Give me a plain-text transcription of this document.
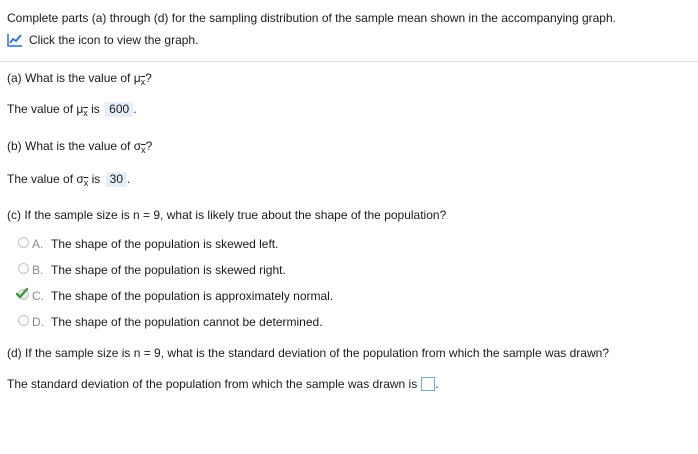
Complete parts (a) through (d) for the sampling distribution of the sample mean shown in the accompanying graph.
Click the icon to view the graph.
(a) What is the value of $\mu_{\overline{x}}$?
The value of $\mu_{\overline{x}}$ is 600 .
(b) What is the value of $\sigma_{\overline{x}}$?
The value of $\sigma_{\overline{x}}$ is 30 .
(c) If the sample size is n = 9, what is likely true about the shape of the population?
A. The shape of the population is skewed left.
B. The shape of the population is skewed right.
C. The shape of the population is approximately normal.
D. The shape of the population cannot be determined.
(d) If the sample size is n = 9, what is the standard deviation of the population from which the sample was drawn?
The standard deviation of the population from which the sample was drawn is .
